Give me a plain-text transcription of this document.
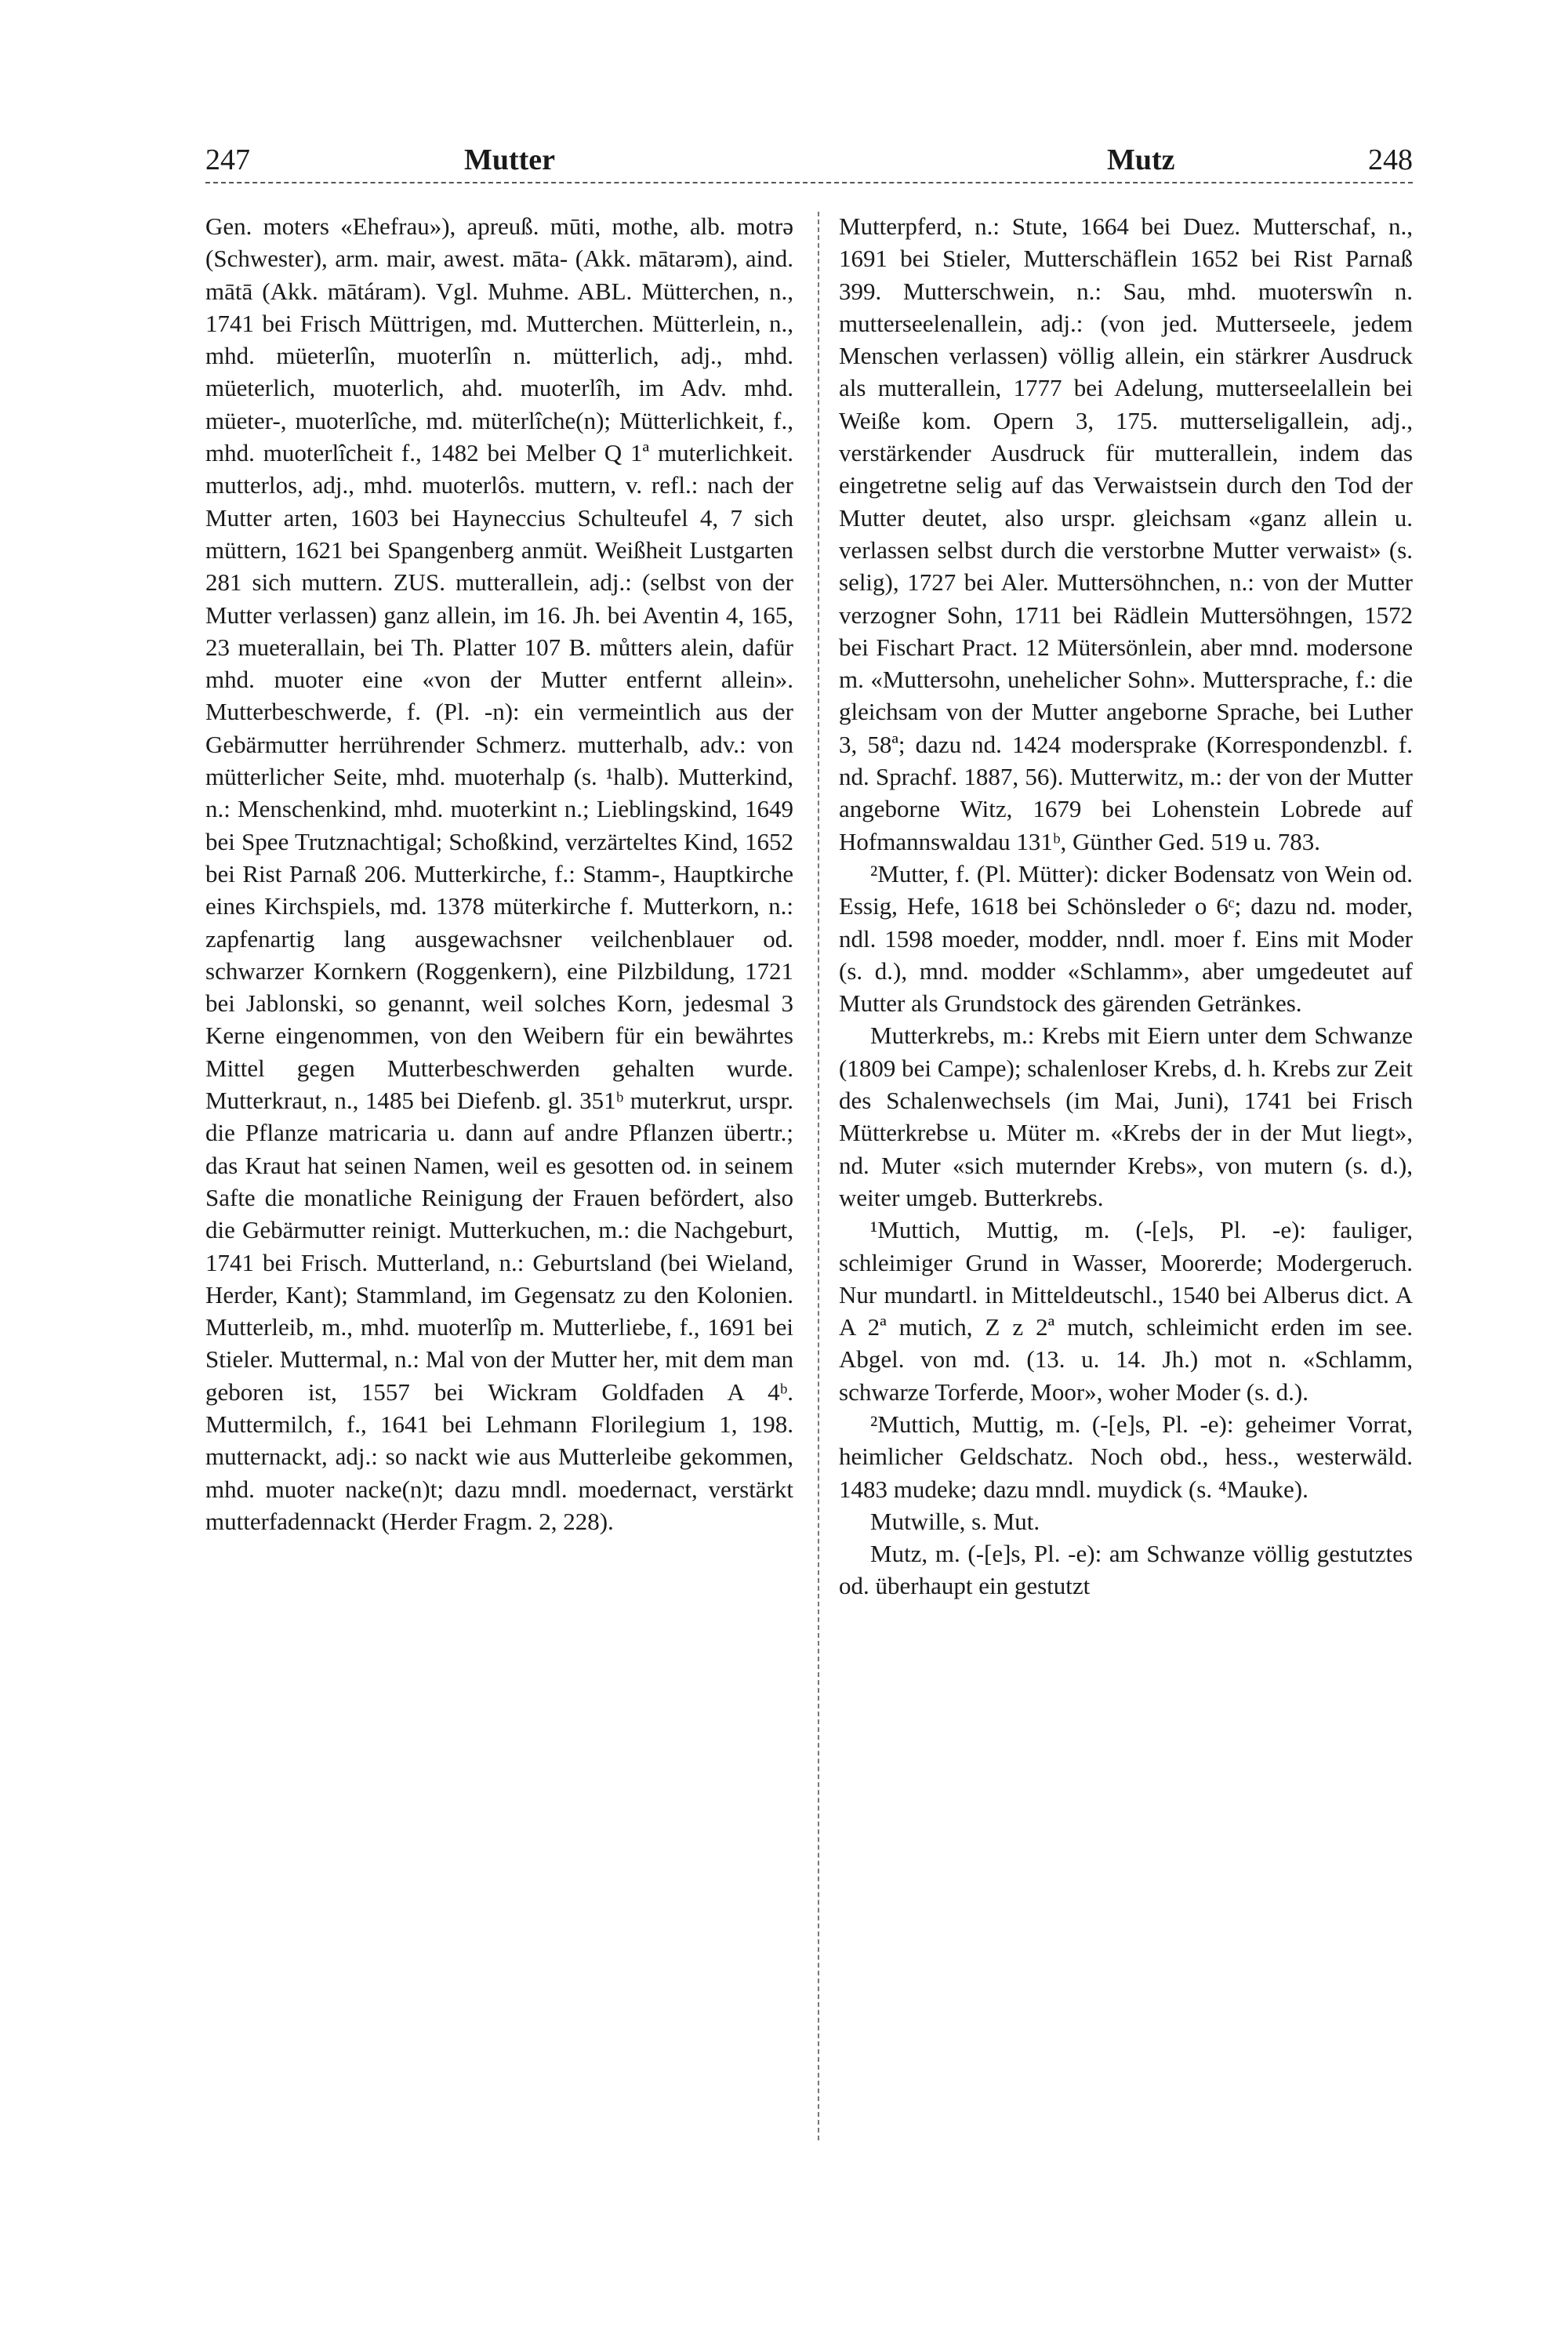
247	Mutter	Mutz	248

Gen. moters «Ehefrau»), apreuß. mūti, mothe, alb. motrə (Schwester), arm. mair, awest. māta- (Akk. mātarəm), aind. mātā (Akk. mātáram). Vgl. Muhme. ABL. Mütterchen, n., 1741 bei Frisch Müttrigen, md. Mutterchen. Mütterlein, n., mhd. müeterlîn, muoterlîn n. mütterlich, adj., mhd. müeterlich, muoterlich, ahd. muoterlîh, im Adv. mhd. müeter-, muoterlîche, md. müterlîche(n); Mütterlichkeit, f., mhd. muoterlîcheit f., 1482 bei Melber Q 1ª muterlichkeit. mutterlos, adj., mhd. muoterlôs. muttern, v. refl.: nach der Mutter arten, 1603 bei Hayneccius Schulteufel 4, 7 sich müttern, 1621 bei Spangenberg anmüt. Weißheit Lustgarten 281 sich muttern. ZUS. mutterallein, adj.: (selbst von der Mutter verlassen) ganz allein, im 16. Jh. bei Aventin 4, 165, 23 mueterallain, bei Th. Platter 107 B. můtters alein, dafür mhd. muoter eine «von der Mutter entfernt allein». Mutterbeschwerde, f. (Pl. -n): ein vermeintlich aus der Gebärmutter herrührender Schmerz. mutterhalb, adv.: von mütterlicher Seite, mhd. muoterhalp (s. ¹halb). Mutterkind, n.: Menschenkind, mhd. muoterkint n.; Lieblingskind, 1649 bei Spee Trutznachtigal; Schoßkind, verzärteltes Kind, 1652 bei Rist Parnaß 206. Mutterkirche, f.: Stamm-, Hauptkirche eines Kirchspiels, md. 1378 müterkirche f. Mutterkorn, n.: zapfenartig lang ausgewachsner veilchenblauer od. schwarzer Kornkern (Roggenkern), eine Pilzbildung, 1721 bei Jablonski, so genannt, weil solches Korn, jedesmal 3 Kerne eingenommen, von den Weibern für ein bewährtes Mittel gegen Mutterbeschwerden gehalten wurde. Mutterkraut, n., 1485 bei Diefenb. gl. 351ᵇ muterkrut, urspr. die Pflanze matricaria u. dann auf andre Pflanzen übertr.; das Kraut hat seinen Namen, weil es gesotten od. in seinem Safte die monatliche Reinigung der Frauen befördert, also die Gebärmutter reinigt. Mutterkuchen, m.: die Nachgeburt, 1741 bei Frisch. Mutterland, n.: Geburtsland (bei Wieland, Herder, Kant); Stammland, im Gegensatz zu den Kolonien. Mutterleib, m., mhd. muoterlîp m. Mutterliebe, f., 1691 bei Stieler. Muttermal, n.: Mal von der Mutter her, mit dem man geboren ist, 1557 bei Wickram Goldfaden A 4ᵇ. Muttermilch, f., 1641 bei Lehmann Florilegium 1, 198. mutternackt, adj.: so nackt wie aus Mutterleibe gekommen, mhd. muoter nacke(n)t; dazu mndl. moedernact, verstärkt mutterfadennackt (Herder Fragm. 2, 228).

Mutterpferd, n.: Stute, 1664 bei Duez. Mutterschaf, n., 1691 bei Stieler, Mutterschäflein 1652 bei Rist Parnaß 399. Mutterschwein, n.: Sau, mhd. muoterswîn n. mutterseelenallein, adj.: (von jed. Mutterseele, jedem Menschen verlassen) völlig allein, ein stärkrer Ausdruck als mutterallein, 1777 bei Adelung, mutterseelallein bei Weiße kom. Opern 3, 175. mutterseligallein, adj., verstärkender Ausdruck für mutterallein, indem das eingetretne selig auf das Verwaistsein durch den Tod der Mutter deutet, also urspr. gleichsam «ganz allein u. verlassen selbst durch die verstorbne Mutter verwaist» (s. selig), 1727 bei Aler. Muttersöhnchen, n.: von der Mutter verzogner Sohn, 1711 bei Rädlein Muttersöhngen, 1572 bei Fischart Pract. 12 Mütersönlein, aber mnd. modersone m. «Muttersohn, unehelicher Sohn». Muttersprache, f.: die gleichsam von der Mutter angeborne Sprache, bei Luther 3, 58ª; dazu nd. 1424 modersprake (Korrespondenzbl. f. nd. Sprachf. 1887, 56). Mutterwitz, m.: der von der Mutter angeborne Witz, 1679 bei Lohenstein Lobrede auf Hofmannswaldau 131ᵇ, Günther Ged. 519 u. 783.

²Mutter, f. (Pl. Mütter): dicker Bodensatz von Wein od. Essig, Hefe, 1618 bei Schönsleder o 6ᶜ; dazu nd. moder, ndl. 1598 moeder, modder, nndl. moer f. Eins mit Moder (s. d.), mnd. modder «Schlamm», aber umgedeutet auf Mutter als Grundstock des gärenden Getränkes.

Mutterkrebs, m.: Krebs mit Eiern unter dem Schwanze (1809 bei Campe); schalenloser Krebs, d. h. Krebs zur Zeit des Schalenwechsels (im Mai, Juni), 1741 bei Frisch Mütterkrebse u. Müter m. «Krebs der in der Mut liegt», nd. Muter «sich muternder Krebs», von mutern (s. d.), weiter umgeb. Butterkrebs.

¹Muttich, Muttig, m. (-[e]s, Pl. -e): fauliger, schleimiger Grund in Wasser, Moorerde; Modergeruch. Nur mundartl. in Mitteldeutschl., 1540 bei Alberus dict. A A 2ª mutich, Z z 2ª mutch, schleimicht erden im see. Abgel. von md. (13. u. 14. Jh.) mot n. «Schlamm, schwarze Torferde, Moor», woher Moder (s. d.).

²Muttich, Muttig, m. (-[e]s, Pl. -e): geheimer Vorrat, heimlicher Geldschatz. Noch obd., hess., westerwäld. 1483 mudeke; dazu mndl. muydick (s. ⁴Mauke).

Mutwille, s. Mut.

Mutz, m. (-[e]s, Pl. -e): am Schwanze völlig gestutztes od. überhaupt ein gestutzt
